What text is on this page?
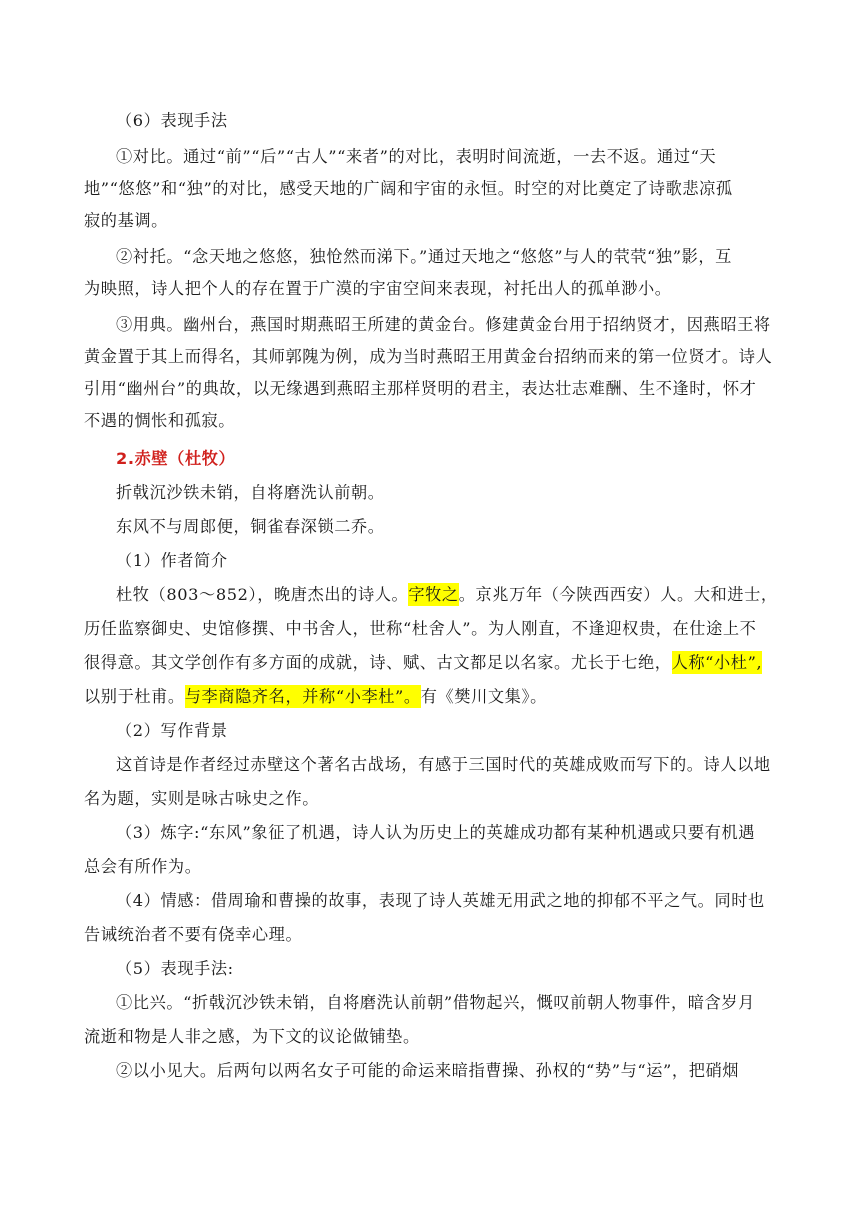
（6）表现手法
①对比。通过“前”“后”“古人”“来者”的对比，表明时间流逝，一去不返。通过“天
地”“悠悠”和“独”的对比，感受天地的广阔和宇宙的永恒。时空的对比奠定了诗歌悲凉孤
寂的基调。
②衬托。“念天地之悠悠，独怆然而涕下。”通过天地之“悠悠”与人的茕茕“独”影，互
为映照，诗人把个人的存在置于广漠的宇宙空间来表现，衬托出人的孤单渺小。
③用典。幽州台，燕国时期燕昭王所建的黄金台。修建黄金台用于招纳贤才，因燕昭王将
黄金置于其上而得名，其师郭隗为例，成为当时燕昭王用黄金台招纳而来的第一位贤才。诗人
引用“幽州台”的典故，以无缘遇到燕昭主那样贤明的君主，表达壮志难酬、生不逢时，怀才
不遇的惆怅和孤寂。
2.赤壁（杜牧）
折戟沉沙铁未销，自将磨洗认前朝。
东风不与周郎便，铜雀春深锁二乔。
（1）作者简介
杜牧（803～852），晚唐杰出的诗人。字牧之。京兆万年（今陕西西安）人。大和进士，
历任监察御史、史馆修撰、中书舍人，世称“杜舍人”。为人刚直，不逢迎权贵，在仕途上不
很得意。其文学创作有多方面的成就，诗、赋、古文都足以名家。尤长于七绝，人称“小杜”,
以别于杜甫。与李商隐齐名，并称“小李杜”。有《樊川文集》。
（2）写作背景
这首诗是作者经过赤壁这个著名古战场，有感于三国时代的英雄成败而写下的。诗人以地
名为题，实则是咏古咏史之作。
（3）炼字:“东风”象征了机遇，诗人认为历史上的英雄成功都有某种机遇或只要有机遇
总会有所作为。
（4）情感：借周瑜和曹操的故事，表现了诗人英雄无用武之地的抑郁不平之气。同时也
告诫统治者不要有侥幸心理。
（5）表现手法:
①比兴。“折戟沉沙铁未销，自将磨洗认前朝”借物起兴，慨叹前朝人物事件，暗含岁月
流逝和物是人非之感，为下文的议论做铺垫。
②以小见大。后两句以两名女子可能的命运来暗指曹操、孙权的“势”与“运”，把硝烟
